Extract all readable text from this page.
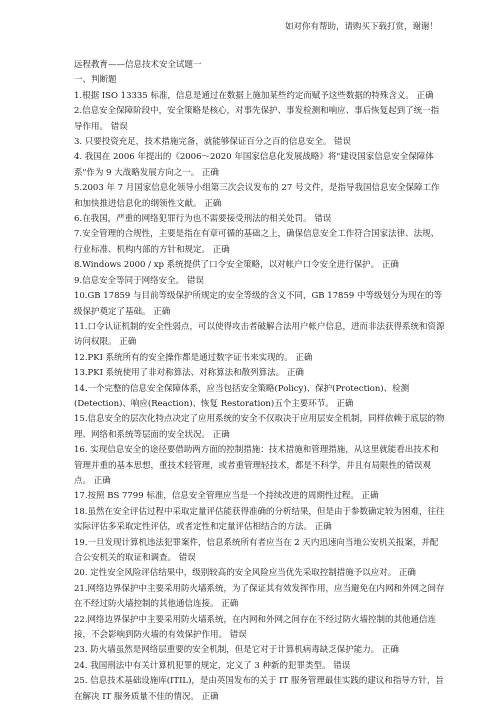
如对你有帮助，请购买下载打赏，谢谢！

远程教育——信息技术安全试题一

一、判断题

1.根据 ISO 13335 标准，信息是通过在数据上施加某些约定而赋予这些数据的特殊含义。 正确

2.信息安全保障阶段中，安全策略是核心，对事先保护、事发检测和响应、事后恢复起到了统一指导作用。 错误

3. 只要投资充足，技术措施完备，就能够保证百分之百的信息安全。 错误

4. 我国在 2006 年提出的《2006～2020 年国家信息化发展战略》将"建设国家信息安全保障体系"作为 9 大战略发展方向之一。 正确

5.2003 年 7 月国家信息化领导小组第三次会议发布的 27 号文件，是指导我国信息安全保障工作和加快推进信息化的纲领性文献。 正确

6.在我国，严重的网络犯罪行为也不需要接受刑法的相关处罚。 错误

7.安全管理的合规性，主要是指在有章可循的基础之上，确保信息安全工作符合国家法律、法规、行业标准、机构内部的方针和规定。 正确

8.Windows 2000 / xp 系统提供了口令安全策略，以对帐户口令安全进行保护。 正确

9.信息安全等同于网络安全。 错误

10.GB 17859 与目前等级保护所规定的安全等级的含义不同，GB 17859 中等级划分为现在的等级保护奠定了基础。 正确

11.口令认证机制的安全性弱点，可以使得攻击者破解合法用户帐户信息，进而非法获得系统和资源访问权限。 正确

12.PKI 系统所有的安全操作都是通过数字证书来实现的。 正确

13.PKI 系统使用了非对称算法、对称算法和散列算法。 正确

14.一个完整的信息安全保障体系，应当包括安全策略(Policy)、保护(Protection)、检测(Detection)、响应(Reaction)、恢复 Restoration)五个主要环节。 正确

15.信息安全的层次化特点决定了应用系统的安全不仅取决于应用层安全机制，同样依赖于底层的物理、网络和系统等层面的安全状况。 正确

16. 实现信息安全的途径要借助两方面的控制措施：技术措施和管理措施，从这里就能看出技术和管理并重的基本思想，重技术轻管理，或者重管理轻技术，都是不科学，并且有局限性的错误观点。 正确

17.按照 BS 7799 标准，信息安全管理应当是一个持续改进的周期性过程。 正确

18.虽然在安全评估过程中采取定量评估能获得准确的分析结果，但是由于参数确定较为困难，往往实际评估多采取定性评估，或者定性和定量评估相结合的方法。 正确

19.一旦发现计算机违法犯罪案件，信息系统所有者应当在 2 天内迅速向当地公安机关报案，并配合公安机关的取证和调查。 错误

20. 定性安全风险评估结果中，级别较高的安全风险应当优先采取控制措施予以应对。 正确

21.网络边界保护中主要采用防火墙系统，为了保证其有效发挥作用，应当避免在内网和外网之间存在不经过防火墙控制的其他通信连接。 正确

22.网络边界保护中主要采用防火墙系统，在内网和外网之间存在不经过防火墙控制的其他通信连接，不会影响到防火墙的有效保护作用。 错误

23. 防火墙虽然是网络层重要的安全机制，但是它对于计算机病毒缺乏保护能力。 正确

24. 我国刑法中有关计算机犯罪的规定，定义了 3 种新的犯罪类型。 错误

25. 信息技术基础设施库(ITIL)，是由英国发布的关于 IT 服务管理最佳实践的建议和指导方针，旨在解决 IT 服务质量不佳的情况。 正确
